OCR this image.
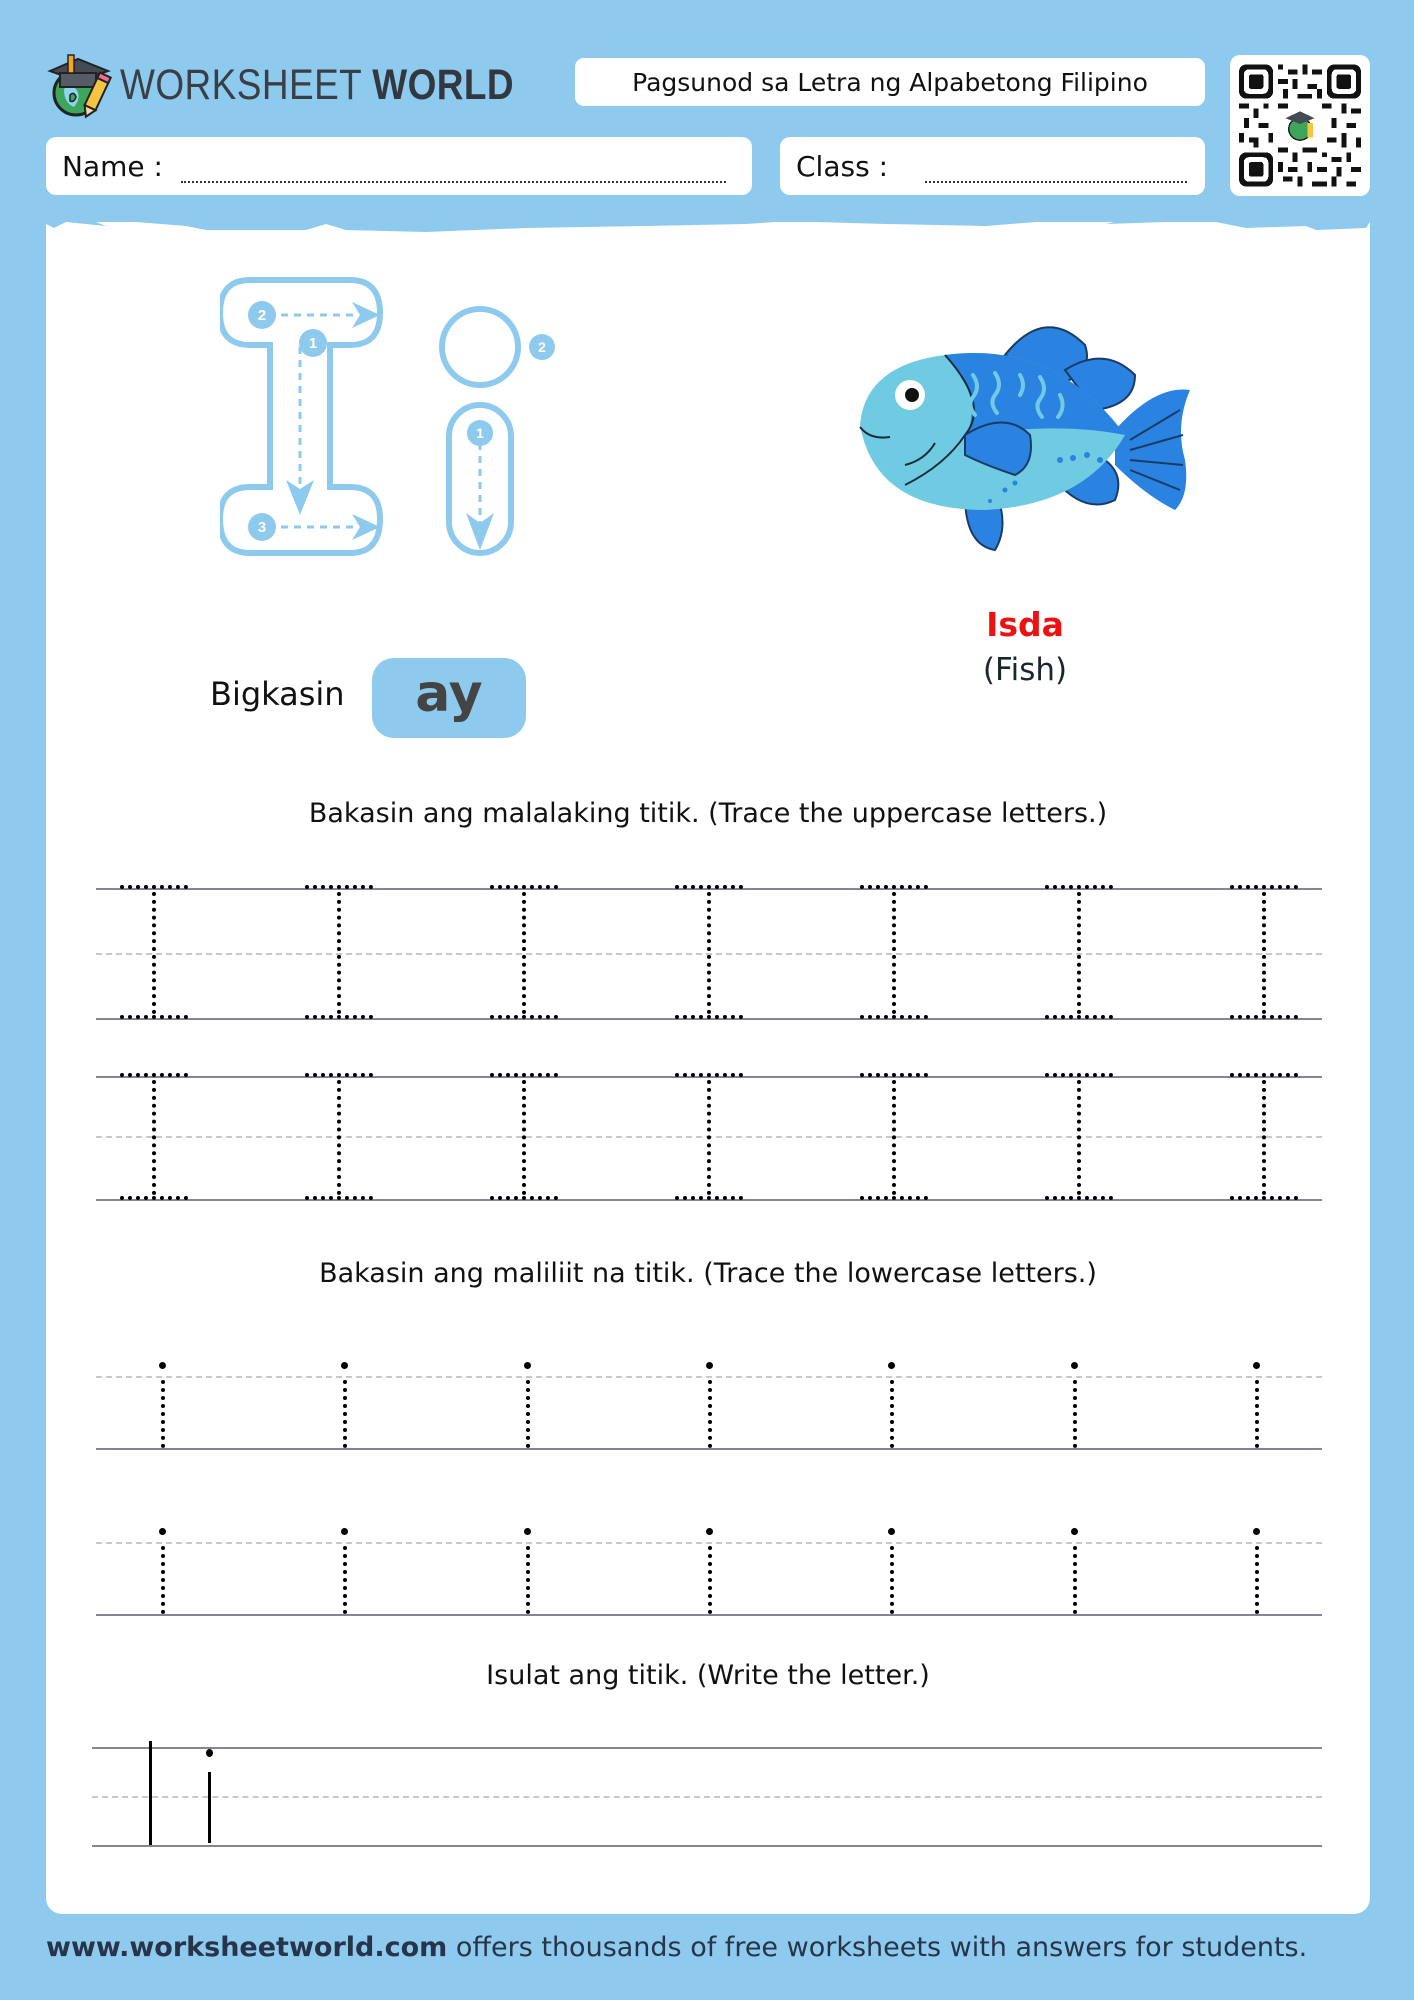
WORKSHEET WORLD	Pagsunod sa Letra ng Alpabetong Filipino
Name :	Class :
2
1
3
1
2
Bigkasin ay
Isda
(Fish)
Bakasin ang malalaking titik. (Trace the uppercase letters.)
Bakasin ang maliliit na titik. (Trace the lowercase letters.)
Isulat ang titik. (Write the letter.)
www.worksheetworld.com offers thousands of free worksheets with answers for students.
